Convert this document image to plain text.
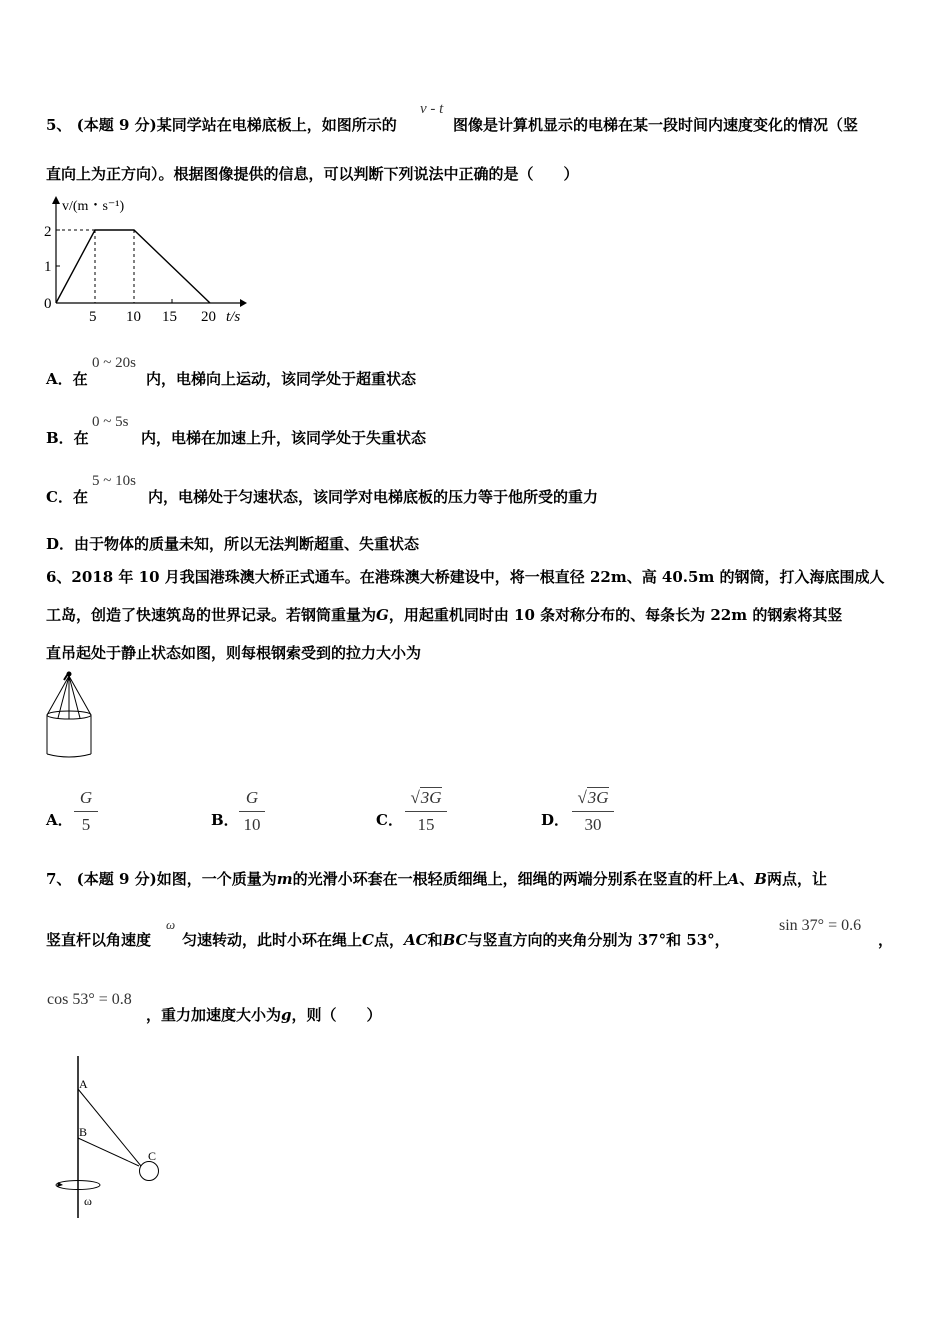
5、 (本题 9 分)某同学站在电梯底板上，如图所示的
v - t
图像是计算机显示的电梯在某一段时间内速度变化的情况（竖
直向上为正方向）。根据图像提供的信息，可以判断下列说法中正确的是（　　）
v/(m・s⁻¹)
0
1
2
5 10 15 20 t/s
A．在
0 ~ 20s
内，电梯向上运动，该同学处于超重状态
B．在
0 ~ 5s
内，电梯在加速上升，该同学处于失重状态
C．在
5 ~ 10s
内，电梯处于匀速状态，该同学对电梯底板的压力等于他所受的重力
D．由于物体的质量未知，所以无法判断超重、失重状态
6、2018 年 10 月我国港珠澳大桥正式通车。在港珠澳大桥建设中，将一根直径 22m、高 40.5m 的钢筒，打入海底围成人
工岛，创造了快速筑岛的世界记录。若钢筒重量为G，用起重机同时由 10 条对称分布的、每条长为 22m 的钢索将其竖
直吊起处于静止状态如图，则每根钢索受到的拉力大小为
A．
G
5	B．
G
10	C．
√3G
15	D．
√3G
30
7、 (本题 9 分)如图，一个质量为m的光滑小环套在一根轻质细绳上，细绳的两端分别系在竖直的杆上A、B两点，让
竖直杆以角速度
ω
匀速转动，此时小环在绳上C点，AC和BC与竖直方向的夹角分别为 37°和 53°，
sin 37° = 0.6
，
cos 53° = 0.8
，重力加速度大小为g，则（　　）
A
B
C
ω
